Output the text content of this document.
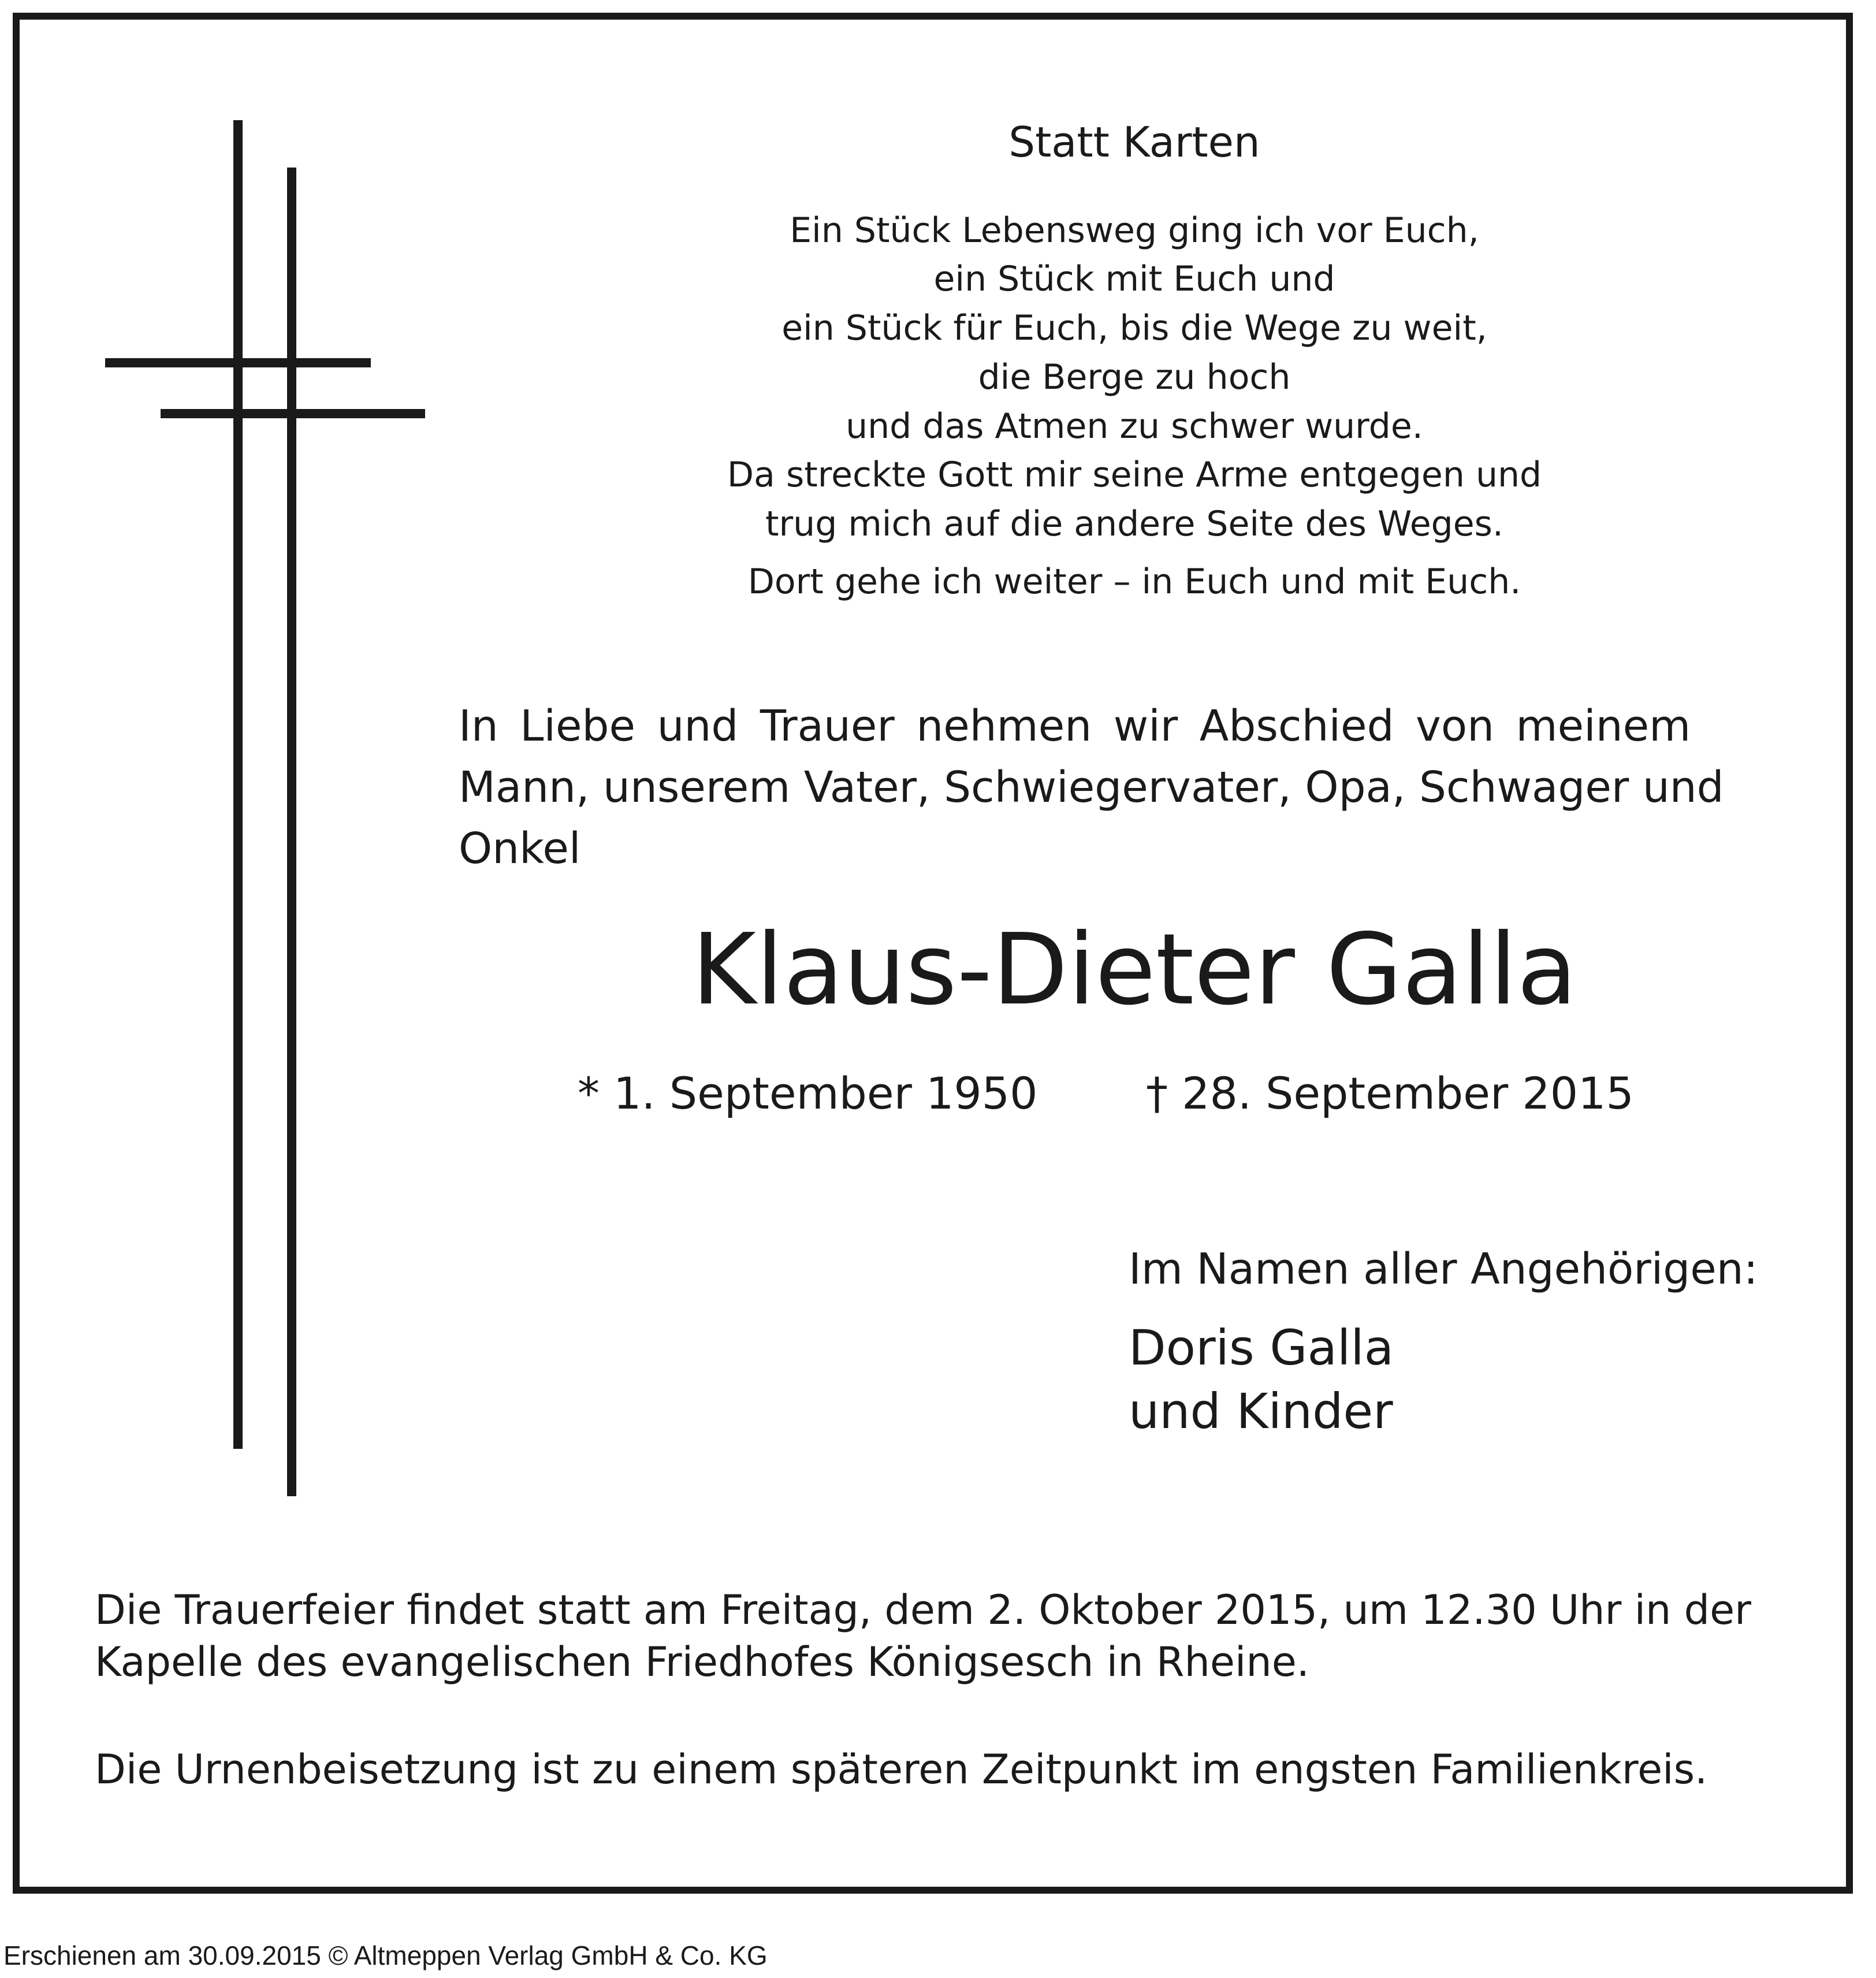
Statt Karten
Ein Stück Lebensweg ging ich vor Euch,
ein Stück mit Euch und
ein Stück für Euch, bis die Wege zu weit,
die Berge zu hoch
und das Atmen zu schwer wurde.
Da streckte Gott mir seine Arme entgegen und
trug mich auf die andere Seite des Weges.
Dort gehe ich weiter – in Euch und mit Euch.
In Liebe und Trauer nehmen wir Abschied von meinem
Mann, unserem Vater, Schwiegervater, Opa, Schwager und
Onkel
Klaus-Dieter Galla
* 1. September 1950 † 28. September 2015
Im Namen aller Angehörigen:
Doris Galla
und Kinder
Die Trauerfeier findet statt am Freitag, dem 2. Oktober 2015, um 12.30 Uhr in der
Kapelle des evangelischen Friedhofes Königsesch in Rheine.
Die Urnenbeisetzung ist zu einem späteren Zeitpunkt im engsten Familienkreis.
Erschienen am 30.09.2015 © Altmeppen Verlag GmbH & Co. KG
